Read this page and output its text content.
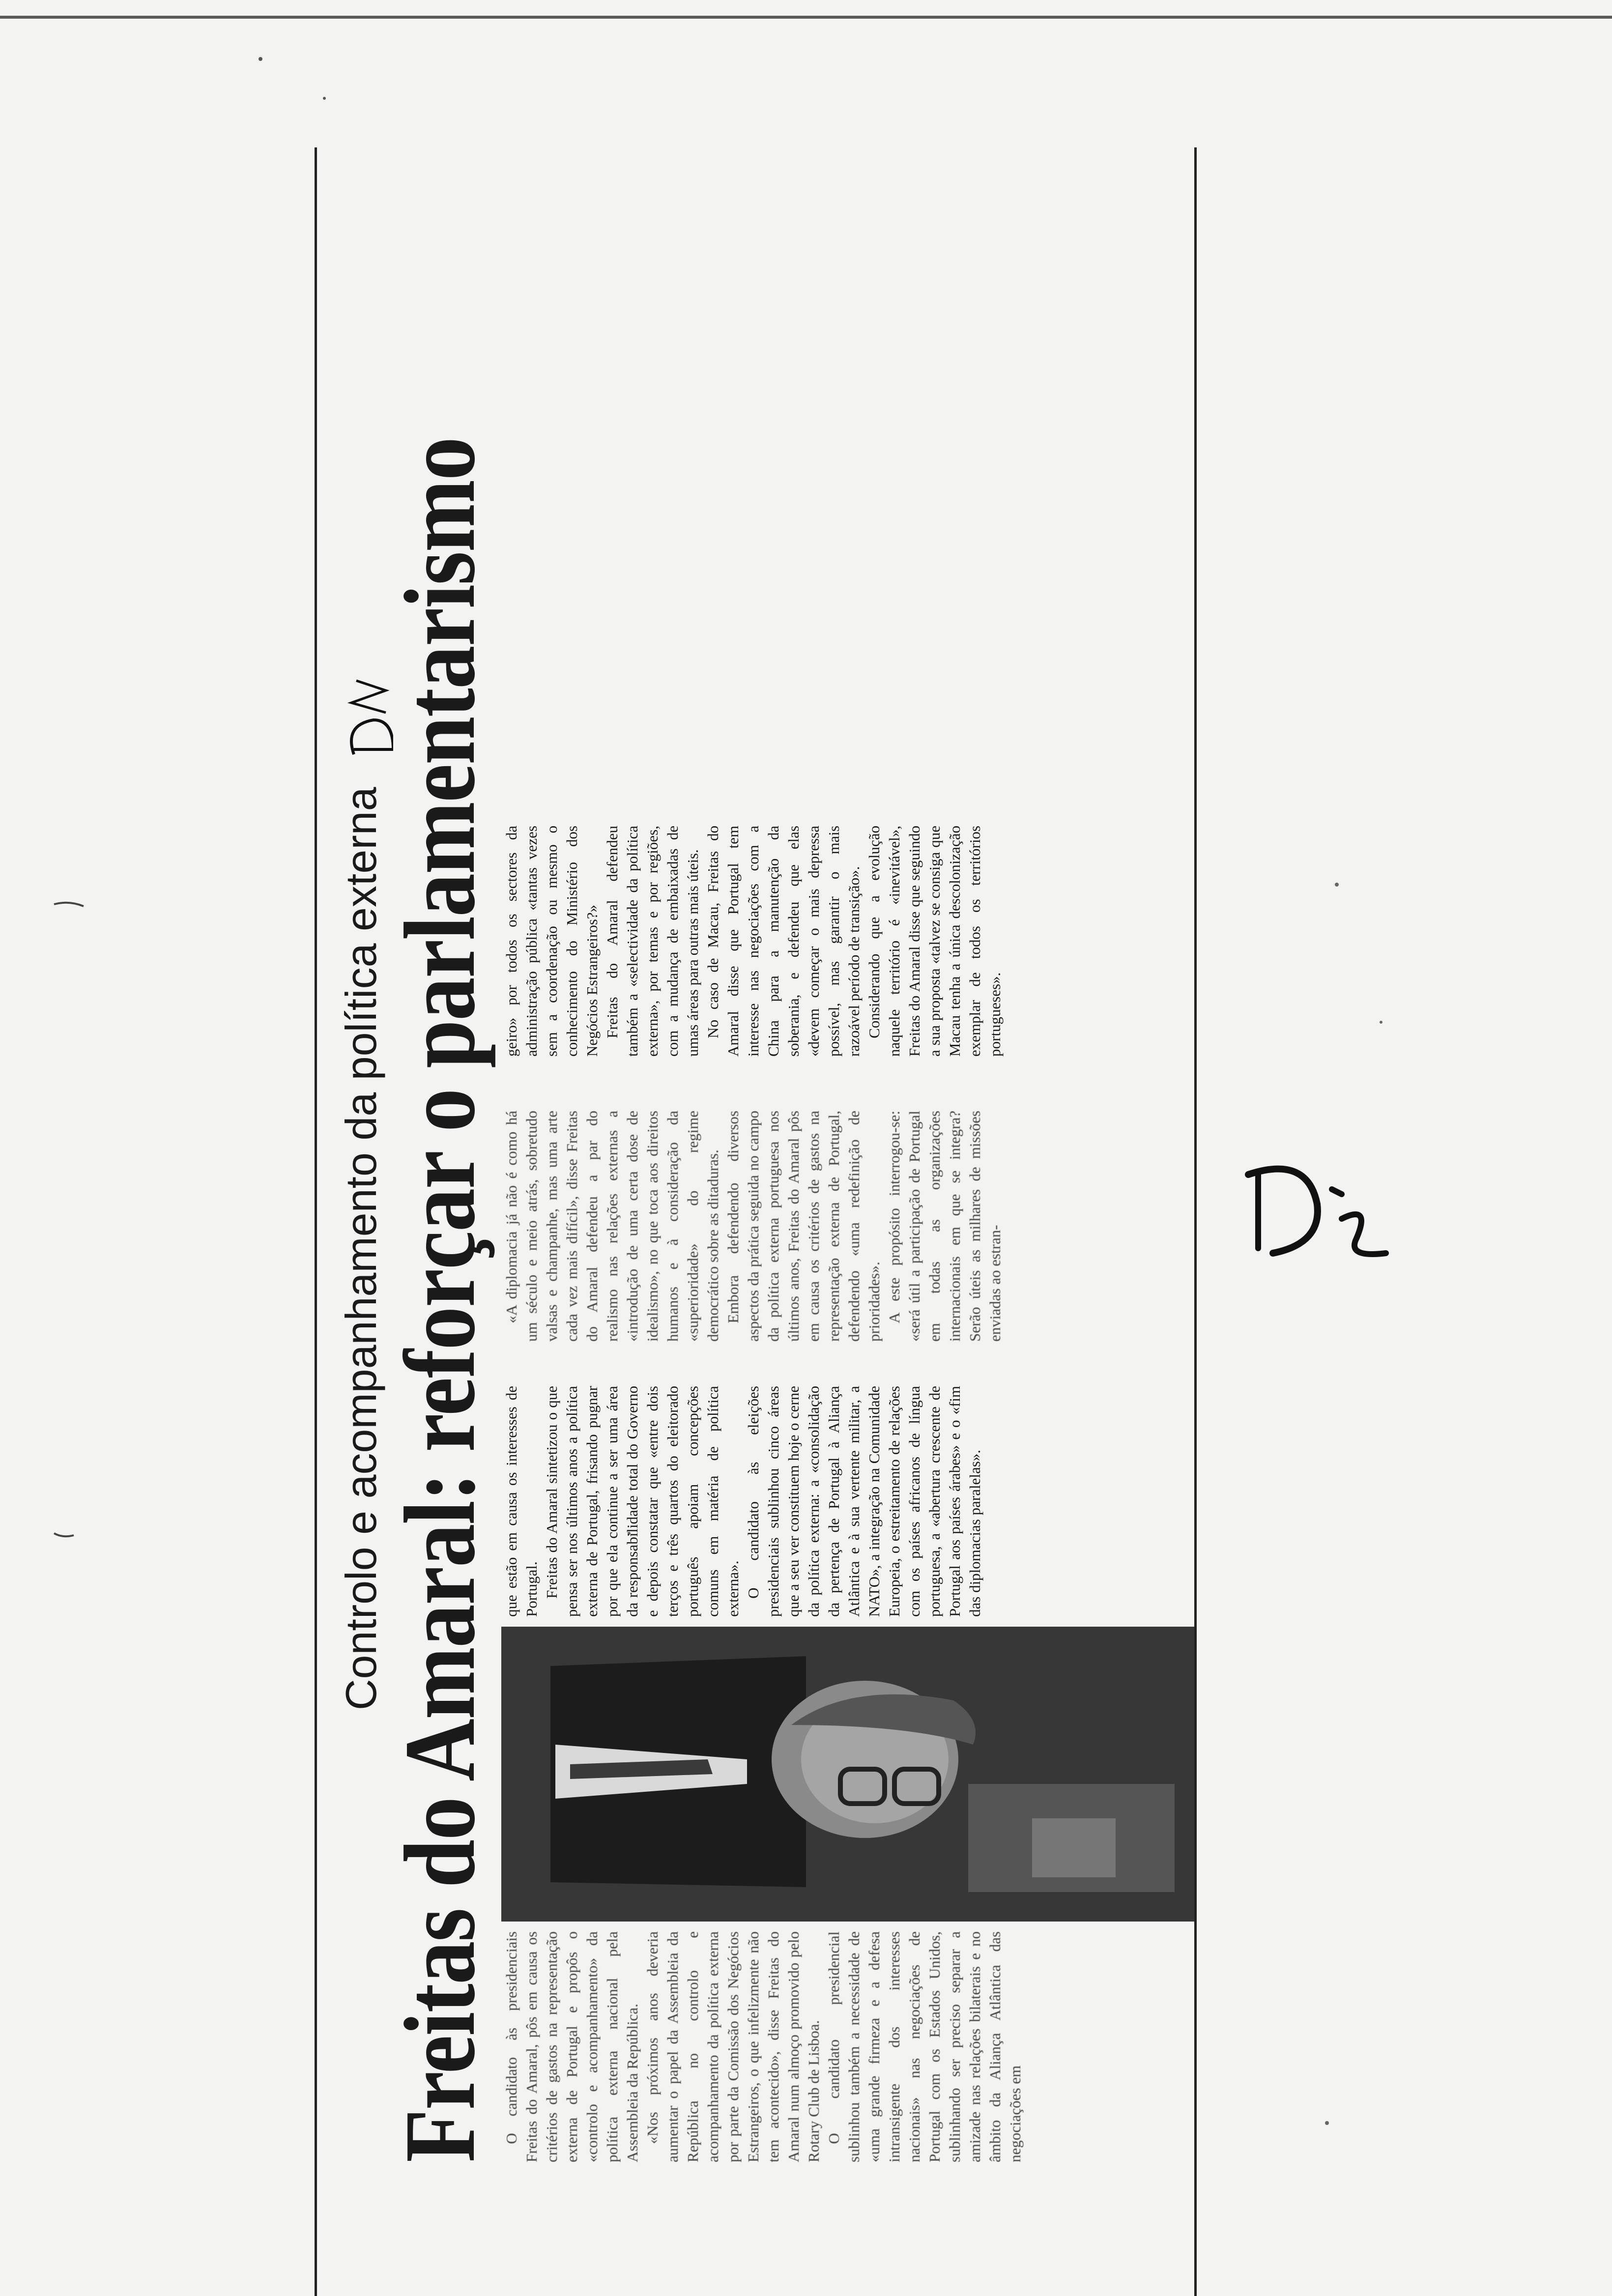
Controlo e acompanhamento da política externa
Freitas do Amaral: reforçar o parlamentarismo O candidato às presidenciais Freitas do Amaral, pôs em causa os critérios de gastos na representação externa de Portugal e propôs o «controlo e acompanhamento» da política externa nacional pela Assembleia da República. «Nos próximos anos deveria aumentar o papel da Assembleia da República no controlo e acompanhamento da política externa por parte da Comissão dos Negócios Estrangeiros, o que infelizmente não tem acontecido», disse Freitas do Amaral num almoço promovido pelo Rotary Club de Lisboa. O candidato presidencial sublinhou também a necessidade de «uma grande firmeza e a defesa intransigente dos interesses nacionais» nas negociações de Portugal com os Estados Unidos, sublinhando ser preciso separar a amizade nas relações bilaterais e no âmbito da Aliança Atlântica das negociações em

que estão em causa os interesses de Portugal. Freitas do Amaral sintetizou o que pensa ser nos últimos anos a política externa de Portugal, frisando pugnar por que ela continue a ser uma área da responsabilidade total do Governo e depois constatar que «entre dois terços e três quartos do eleitorado português apoiam concepções comuns em matéria de política externa». O candidato às eleições presidenciais sublinhou cinco áreas que a seu ver constituem hoje o cerne da política externa: a «consolidação da pertença de Portugal à Aliança Atlântica e à sua vertente militar, a NATO», a integração na Comunidade Europeia, o estreitamento de relações com os países africanos de língua portuguesa, a «abertura crescente de Portugal aos países árabes» e o «fim das diplomacias paralelas».

«A diplomacia já não é como há um século e meio atrás, sobretudo valsas e champanhe, mas uma arte cada vez mais difícil», disse Freitas do Amaral defendeu a par do realismo nas relações externas a «introdução de uma certa dose de idealismo», no que toca aos direitos humanos e à consideração da «superioridade» do regime democrático sobre as ditaduras. Embora defendendo diversos aspectos da prática seguida no campo da política externa portuguesa nos últimos anos, Freitas do Amaral pôs em causa os critérios de gastos na representação externa de Portugal, defendendo «uma redefinição de prioridades». A este propósito interrogou-se: «será útil a participação de Portugal em todas as organizações internacionais em que se integra? Serão úteis as milhares de missões enviadas ao estran-

geiro» por todos os sectores da administração pública «tantas vezes sem a coordenação ou mesmo o conhecimento do Ministério dos Negócios Estrangeiros?» Freitas do Amaral defendeu também a «selectividade da política externa», por temas e por regiões, com a mudança de embaixadas de umas áreas para outras mais úteis. No caso de Macau, Freitas do Amaral disse que Portugal tem interesse nas negociações com a China para a manutenção da soberania, e defendeu que elas «devem começar o mais depressa possível, mas garantir o mais razoável período de transição». Considerando que a evolução naquele território é «inevitável», Freitas do Amaral disse que seguindo a sua proposta «talvez se consiga que Macau tenha a única descolonização exemplar de todos os territórios portugueses».
